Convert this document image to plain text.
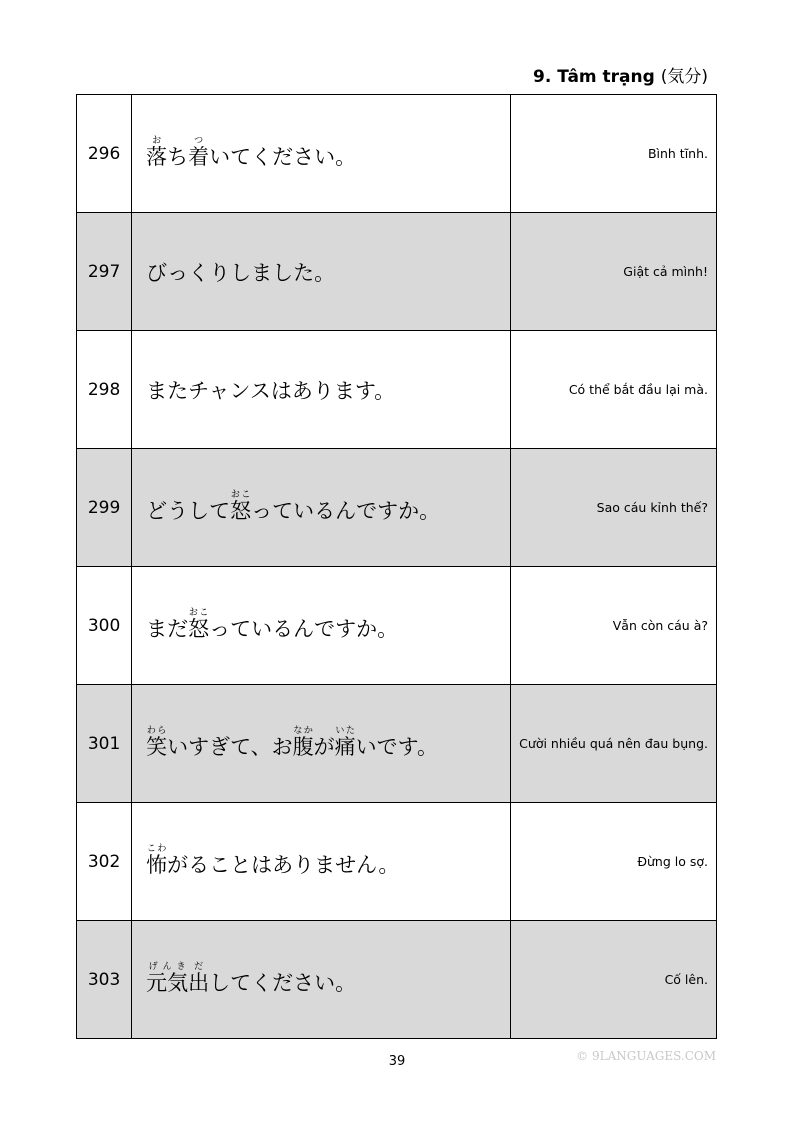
9. Tâm trạng (気分)
296	落おち着ついてください。	Bình tĩnh.
297	びっくりしました。	Giật cả mình!
298	またチャンスはあります。	Có thể bắt đầu lại mà.
299	どうして怒おこっているんですか。	Sao cáu kỉnh thế?
300	まだ怒おこっているんですか。	Vẫn còn cáu à?
301	笑わらいすぎて、お腹なかが痛いたいです。	Cười nhiều quá nên đau bụng.
302	怖こわがることはありません。	Đừng lo sợ.
303	元気げんき出だしてください。	Cố lên.
39	© 9LANGUAGES.COM
